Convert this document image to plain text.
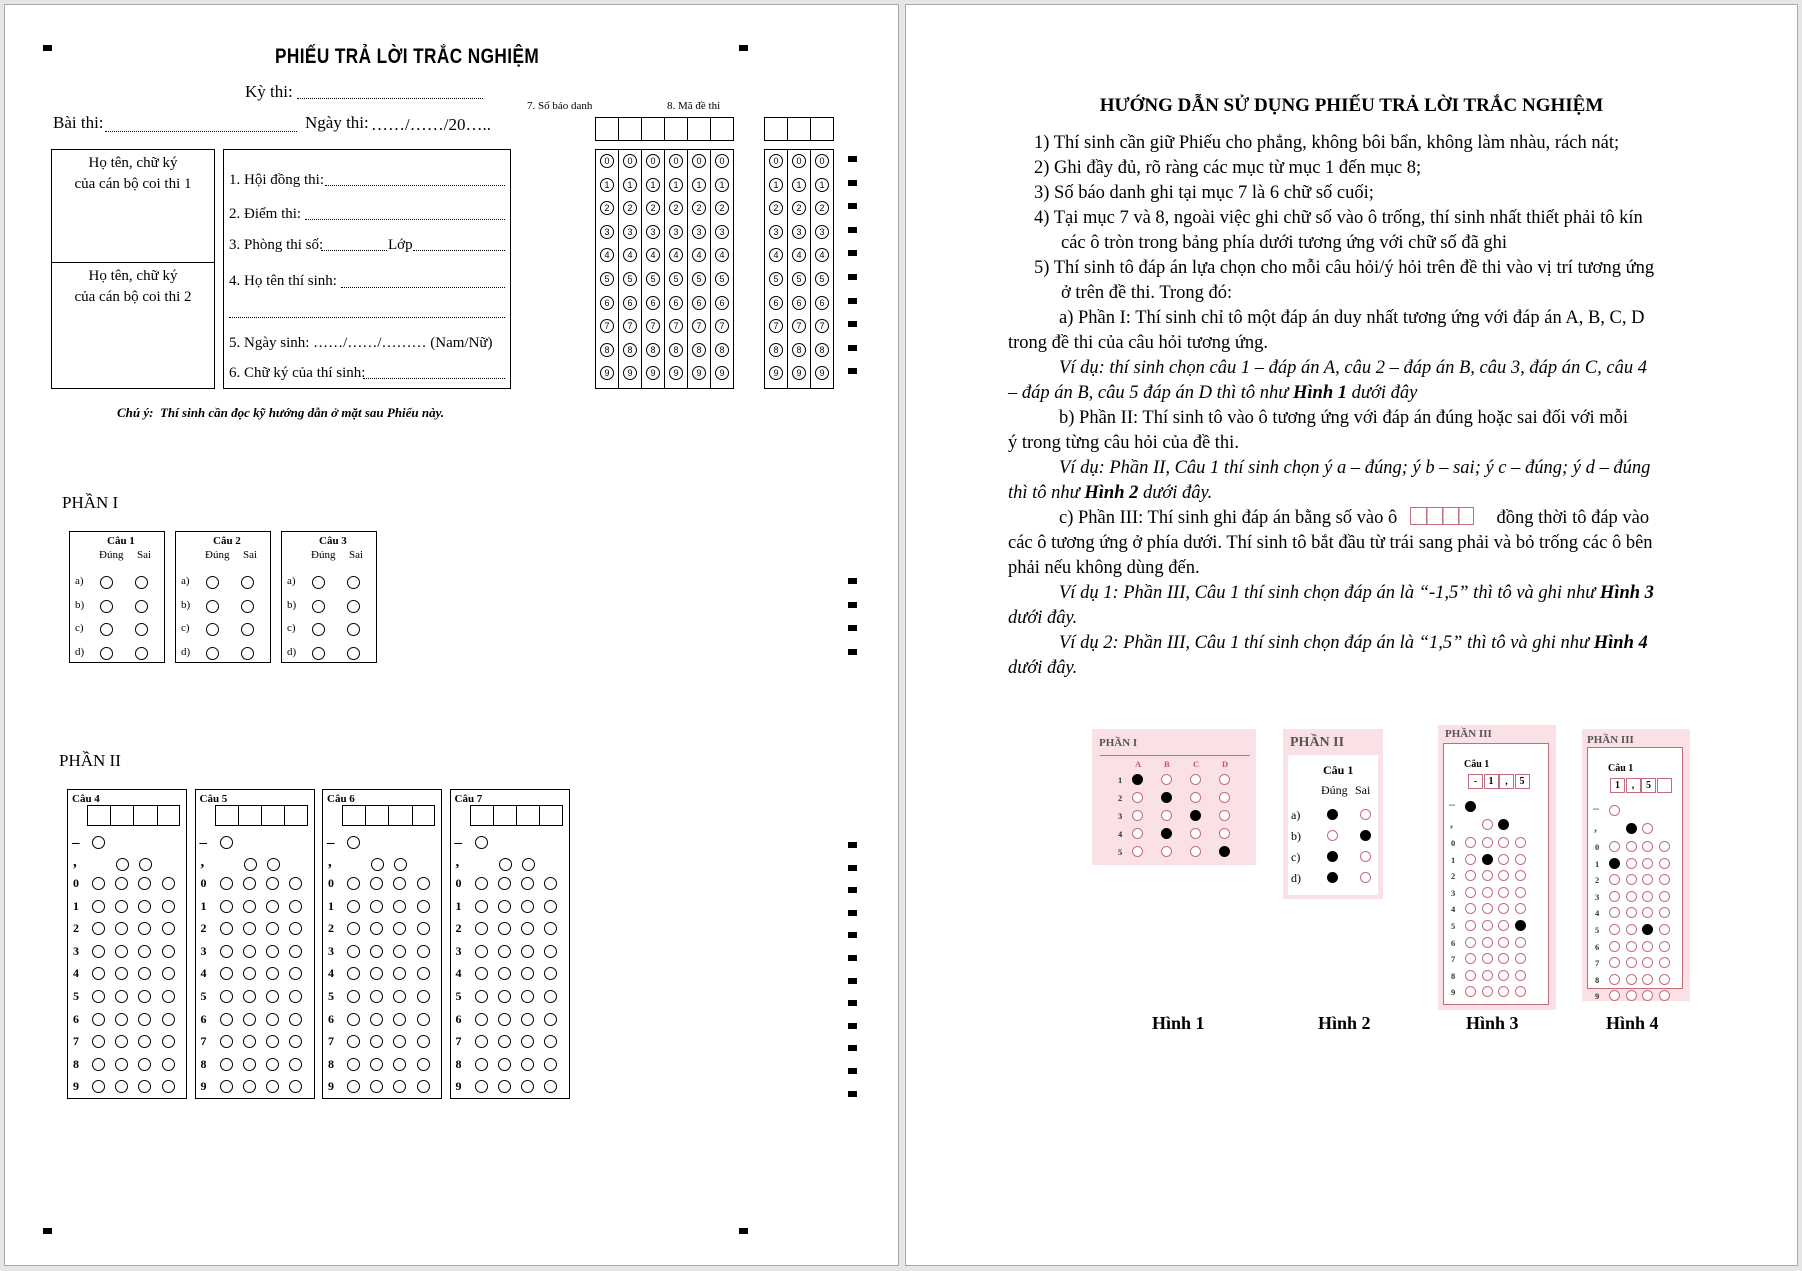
PHIẾU TRẢ LỜI TRẮC NGHIỆM
Kỳ thi:
Bài thi:	Ngày thi: ……/……/20…..
Họ tên, chữ ký
của cán bộ coi thi 1
Họ tên, chữ ký
của cán bộ coi thi 2
1. Hội đồng thi:
2. Điểm thi:
3. Phòng thi số:	Lớp
4. Họ tên thí sinh:
5. Ngày sinh: ……/……/……… (Nam/Nữ)
6. Chữ ký của thí sinh:
7. Số báo danh	8. Mã đề thi
Chú ý: Thí sinh cần đọc kỹ hướng dẫn ở mặt sau Phiếu này.
PHẦN I
PHẦN II
0
1
2
3
4
5
6
7
8
9
0
1
2
3
4
5
6
7
8
9
0
1
2
3
4
5
6
7
8
9
0
1
2
3
4
5
6
7
8
9
0
1
2
3
4
5
6
7
8
9
0
1
2
3
4
5
6
7
8
9
0
1
2
3
4
5
6
7
8
9
0
1
2
3
4
5
6
7
8
9
0
1
2
3
4
5
6
7
8
9
Câu 1
Đúng Sai
a)
b)
c)
d)
Câu 2
Đúng Sai
a)
b)
c)
d)
Câu 3
Đúng Sai
a)
b)
c)
d)
Câu 4
–
,
0
1
2
3
4
5
6
7
8
9
Câu 5
–
,
0
1
2
3
4
5
6
7
8
9
Câu 6
–
,
0
1
2
3
4
5
6
7
8
9
Câu 7
–
,
0
1
2
3
4
5
6
7
8
9
HƯỚNG DẪN SỬ DỤNG PHIẾU TRẢ LỜI TRẮC NGHIỆM
1) Thí sinh cần giữ Phiếu cho phẳng, không bôi bẩn, không làm nhàu, rách nát;
2) Ghi đầy đủ, rõ ràng các mục từ mục 1 đến mục 8;
3) Số báo danh ghi tại mục 7 là 6 chữ số cuối;
4) Tại mục 7 và 8, ngoài việc ghi chữ số vào ô trống, thí sinh nhất thiết phải tô kín
các ô tròn trong bảng phía dưới tương ứng với chữ số đã ghi
5) Thí sinh tô đáp án lựa chọn cho mỗi câu hỏi/ý hỏi trên đề thi vào vị trí tương ứng
ở trên đề thi. Trong đó:
a) Phần I: Thí sinh chỉ tô một đáp án duy nhất tương ứng với đáp án A, B, C, D
trong đề thi của câu hỏi tương ứng.
Ví dụ: thí sinh chọn câu 1 – đáp án A, câu 2 – đáp án B, câu 3, đáp án C, câu 4
– đáp án B, câu 5 đáp án D thì tô như Hình 1 dưới đây
b) Phần II: Thí sinh tô vào ô tương ứng với đáp án đúng hoặc sai đối với mỗi
ý trong từng câu hỏi của đề thi.
Ví dụ: Phần II, Câu 1 thí sinh chọn ý a – đúng; ý b – sai; ý c – đúng; ý d – đúng
thì tô như Hình 2 dưới đây.
c) Phần III: Thí sinh ghi đáp án bằng số vào ô	đồng thời tô đáp vào
các ô tương ứng ở phía dưới. Thí sinh tô bắt đầu từ trái sang phải và bỏ trống các ô bên
phải nếu không dùng đến.
Ví dụ 1: Phần III, Câu 1 thí sinh chọn đáp án là “-1,5” thì tô và ghi như Hình 3
dưới đây.
Ví dụ 2: Phần III, Câu 1 thí sinh chọn đáp án là “1,5” thì tô và ghi như Hình 4
dưới đây.
PHẦN I
A	B	C	D
1
2
3
4
5
PHẦN II
Câu 1
Đúng Sai
a)
b)
c)
d)
PHẦN III
Câu 1
-	1	,	5
–
,
0
1
2
3
4
5
6
7
8
9
PHẦN III
Câu 1
1	,	5
–
,
0
1
2
3
4
5
6
7
8
9
Hình 1	Hình 2	Hình 3	Hình 4
